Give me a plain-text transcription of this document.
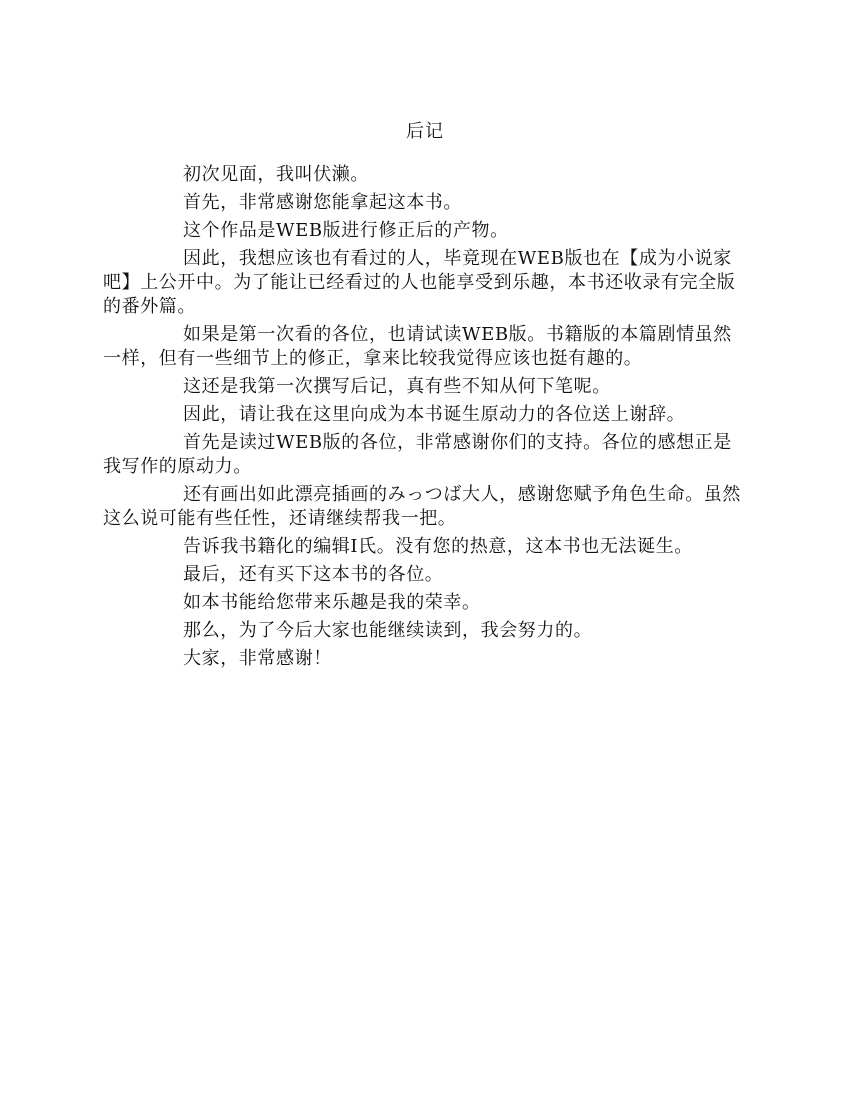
后记

初次见面，我叫伏濑。

首先，非常感谢您能拿起这本书。

这个作品是WEB版进行修正后的产物。

因此，我想应该也有看过的人，毕竟现在WEB版也在【成为小说家吧】上公开中。为了能让已经看过的人也能享受到乐趣，本书还收录有完全版的番外篇。

如果是第一次看的各位，也请试读WEB版。书籍版的本篇剧情虽然一样，但有一些细节上的修正，拿来比较我觉得应该也挺有趣的。

这还是我第一次撰写后记，真有些不知从何下笔呢。

因此，请让我在这里向成为本书诞生原动力的各位送上谢辞。

首先是读过WEB版的各位，非常感谢你们的支持。各位的感想正是我写作的原动力。

还有画出如此漂亮插画的みっつば大人，感谢您赋予角色生命。虽然这么说可能有些任性，还请继续帮我一把。

告诉我书籍化的编辑I氏。没有您的热意，这本书也无法诞生。

最后，还有买下这本书的各位。

如本书能给您带来乐趣是我的荣幸。

那么，为了今后大家也能继续读到，我会努力的。

大家，非常感谢！
